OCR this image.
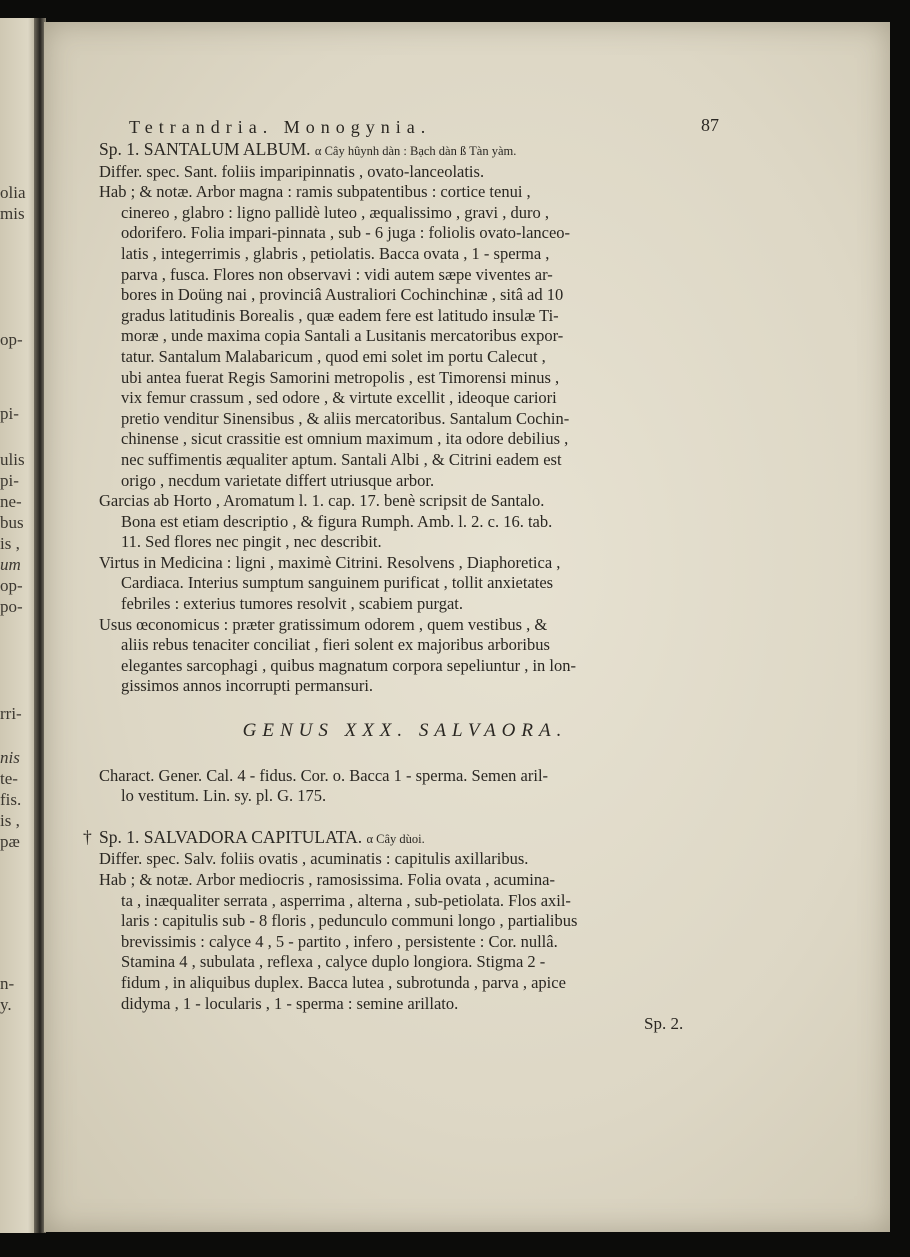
olia
mis
op-
pi-
ulis
pi-
ne-
bus
is ,
um
op-
po-
rri-
nis
te-
fis.
is ,
pæ
n-
y.
Tetrandria. Monogynia.	87
Sp. 1. SANTALUM ALBUM. α Cây hûynh dàn : Bạch dàn ß Tàn yàm.
Differ. spec. Sant. foliis imparipinnatis , ovato-lanceolatis.
Hab ; & notæ. Arbor magna : ramis subpatentibus : cortice tenui ,
cinereo , glabro : ligno pallidè luteo , æqualissimo , gravi , duro ,
odorifero. Folia impari-pinnata , sub - 6 juga : foliolis ovato-lanceo-
latis , integerrimis , glabris , petiolatis. Bacca ovata , 1 - sperma ,
parva , fusca. Flores non observavi : vidi autem sæpe viventes ar-
bores in Doüng nai , provinciâ Australiori Cochinchinæ , sitâ ad 10
gradus latitudinis Borealis , quæ eadem fere est latitudo insulæ Ti-
moræ , unde maxima copia Santali a Lusitanis mercatoribus expor-
tatur. Santalum Malabaricum , quod emi solet im portu Calecut ,
ubi antea fuerat Regis Samorini metropolis , est Timorensi minus ,
vix femur crassum , sed odore , & virtute excellit , ideoque cariori
pretio venditur Sinensibus , & aliis mercatoribus. Santalum Cochin-
chinense , sicut crassitie est omnium maximum , ita odore debilius ,
nec suffimentis æqualiter aptum. Santali Albi , & Citrini eadem est
origo , necdum varietate differt utriusque arbor.
Garcias ab Horto , Aromatum l. 1. cap. 17. benè scripsit de Santalo.
Bona est etiam descriptio , & figura Rumph. Amb. l. 2. c. 16. tab.
11. Sed flores nec pingit , nec describit.
Virtus in Medicina : ligni , maximè Citrini. Resolvens , Diaphoretica ,
Cardiaca. Interius sumptum sanguinem purificat , tollit anxietates
febriles : exterius tumores resolvit , scabiem purgat.
Usus œconomicus : præter gratissimum odorem , quem vestibus , &
aliis rebus tenaciter conciliat , fieri solent ex majoribus arboribus
elegantes sarcophagi , quibus magnatum corpora sepeliuntur , in lon-
gissimos annos incorrupti permansuri.
GENUS XXX. SALVAORA.
Charact. Gener. Cal. 4 - fidus. Cor. o. Bacca 1 - sperma. Semen aril-
lo vestitum. Lin. sy. pl. G. 175.
† Sp. 1. SALVADORA CAPITULATA. α Cây dùoi.
Differ. spec. Salv. foliis ovatis , acuminatis : capitulis axillaribus.
Hab ; & notæ. Arbor mediocris , ramosissima. Folia ovata , acumina-
ta , inæqualiter serrata , asperrima , alterna , sub-petiolata. Flos axil-
laris : capitulis sub - 8 floris , pedunculo communi longo , partialibus
brevissimis : calyce 4 , 5 - partito , infero , persistente : Cor. nullâ.
Stamina 4 , subulata , reflexa , calyce duplo longiora. Stigma 2 -
fidum , in aliquibus duplex. Bacca lutea , subrotunda , parva , apice
didyma , 1 - locularis , 1 - sperma : semine arillato.
Sp. 2.
